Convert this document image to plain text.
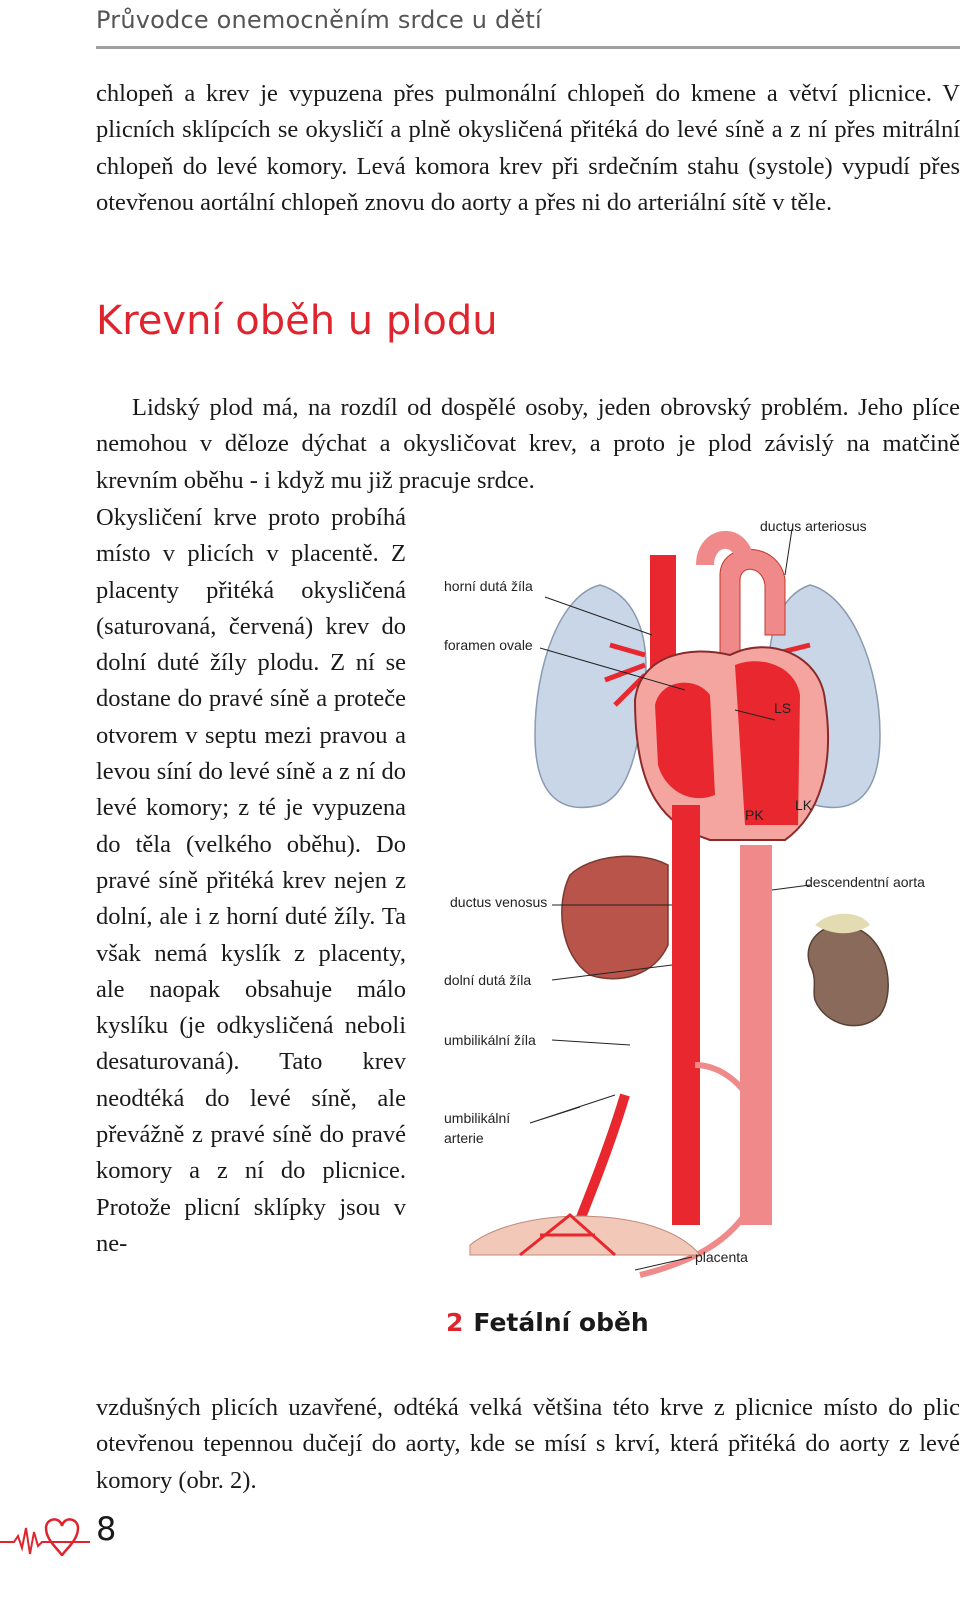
Průvodce onemocněním srdce u dětí

chlopeň a krev je vypuzena přes pulmonální chlopeň do kmene a větví plicnice. V plicních sklípcích se okysličí a plně okysličená přitéká do levé síně a z ní přes mitrální chlopeň do levé komory. Levá komora krev při srdečním stahu (systole) vypudí přes otevřenou aortální chlopeň znovu do aorty a přes ni do arteriální sítě v těle.

Krevní oběh u plodu

Lidský plod má, na rozdíl od dospělé osoby, jeden obrovský problém. Jeho plíce nemohou v děloze dýchat a okysličovat krev, a proto je plod závislý na matčině krevním oběhu - i když mu již pracuje srdce.

Okysličení krve proto probíhá místo v plicích v placentě. Z placenty přitéká okysličená (saturovaná, červená) krev do dolní duté žíly plodu. Z ní se dostane do pravé síně a proteče otvorem v septu mezi pravou a levou síní do levé síně a z ní do levé komory; z té je vypuzena do těla (velkého oběhu). Do pravé síně přitéká krev nejen z dolní, ale i z horní duté žíly. Ta však nemá kyslík z placenty, ale naopak obsahuje málo kyslíku (je odkysličená neboli desaturovaná). Tato krev neodtéká do levé síně, ale převážně z pravé síně do pravé komory a z ní do plicnice. Protože plicní sklípky jsou v ne-

ductus arteriosus
horní dutá žíla
foramen ovale
LS
PK
LK
descendentní aorta
ductus venosus
dolní dutá žíla
umbilikální žíla
umbilikální
arterie
placenta
2 Fetální oběh

vzdušných plicích uzavřené, odtéká velká většina této krve z plicnice místo do plic otevřenou tepennou dučejí do aorty, kde se mísí s krví, která přitéká do aorty z levé komory (obr. 2).

8
